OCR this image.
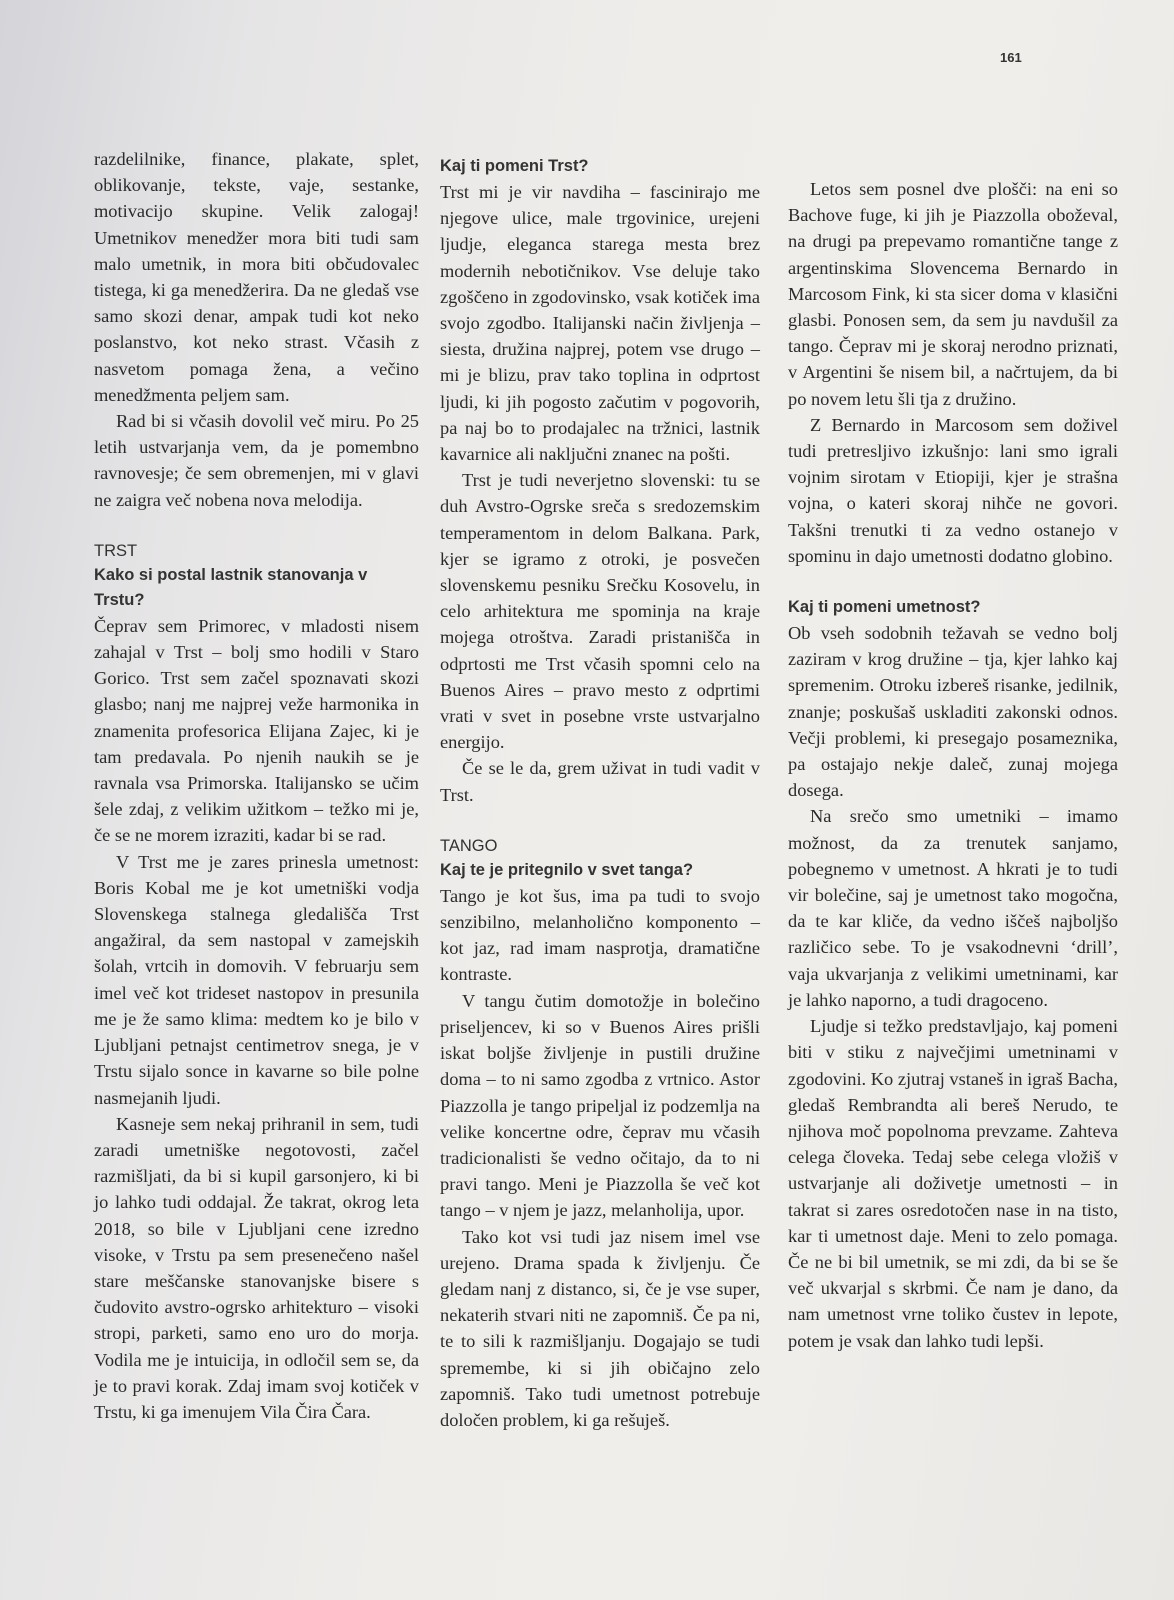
161

razdelilnike, finance, plakate, splet, oblikovanje, tekste, vaje, sestanke, motivacijo skupine. Velik zalogaj! Umetnikov menedžer mora biti tudi sam malo umetnik, in mora biti občudovalec tistega, ki ga menedžerira. Da ne gledaš vse samo skozi denar, ampak tudi kot neko poslanstvo, kot neko strast. Včasih z nasvetom pomaga žena, a večino menedžmenta peljem sam.

Rad bi si včasih dovolil več miru. Po 25 letih ustvarjanja vem, da je pomembno ravnovesje; če sem obremenjen, mi v glavi ne zaigra več nobena nova melodija.

TRST
Kako si postal lastnik stanovanja v Trstu?

Čeprav sem Primorec, v mladosti nisem zahajal v Trst – bolj smo hodili v Staro Gorico. Trst sem začel spoznavati skozi glasbo; nanj me najprej veže harmonika in znamenita profesorica Elijana Zajec, ki je tam predavala. Po njenih naukih se je ravnala vsa Primorska. Italijansko se učim šele zdaj, z velikim užitkom – težko mi je, če se ne morem izraziti, kadar bi se rad.

V Trst me je zares prinesla umetnost: Boris Kobal me je kot umetniški vodja Slovenskega stalnega gledališča Trst angažiral, da sem nastopal v zamejskih šolah, vrtcih in domovih. V februarju sem imel več kot trideset nastopov in presunila me je že samo klima: medtem ko je bilo v Ljubljani petnajst centimetrov snega, je v Trstu sijalo sonce in kavarne so bile polne nasmejanih ljudi.

Kasneje sem nekaj prihranil in sem, tudi zaradi umetniške negotovosti, začel razmišljati, da bi si kupil garsonjero, ki bi jo lahko tudi oddajal. Že takrat, okrog leta 2018, so bile v Ljubljani cene izredno visoke, v Trstu pa sem presenečeno našel stare meščanske stanovanjske bisere s čudovito avstro-ogrsko arhitekturo – visoki stropi, parketi, samo eno uro do morja. Vodila me je intuicija, in odločil sem se, da je to pravi korak. Zdaj imam svoj kotiček v Trstu, ki ga imenujem Vila Čira Čara.

Kaj ti pomeni Trst?

Trst mi je vir navdiha – fascinirajo me njegove ulice, male trgovinice, urejeni ljudje, eleganca starega mesta brez modernih nebotičnikov. Vse deluje tako zgoščeno in zgodovinsko, vsak kotiček ima svojo zgodbo. Italijanski način življenja – siesta, družina najprej, potem vse drugo – mi je blizu, prav tako toplina in odprtost ljudi, ki jih pogosto začutim v pogovorih, pa naj bo to prodajalec na tržnici, lastnik kavarnice ali naključni znanec na pošti.

Trst je tudi neverjetno slovenski: tu se duh Avstro-Ogrske sreča s sredozemskim temperamentom in delom Balkana. Park, kjer se igramo z otroki, je posvečen slovenskemu pesniku Srečku Kosovelu, in celo arhitektura me spominja na kraje mojega otroštva. Zaradi pristanišča in odprtosti me Trst včasih spomni celo na Buenos Aires – pravo mesto z odprtimi vrati v svet in posebne vrste ustvarjalno energijo.

Če se le da, grem uživat in tudi vadit v Trst.

TANGO
Kaj te je pritegnilo v svet tanga?

Tango je kot šus, ima pa tudi to svojo senzibilno, melanholično komponento – kot jaz, rad imam nasprotja, dramatične kontraste.

V tangu čutim domotožje in bolečino priseljencev, ki so v Buenos Aires prišli iskat boljše življenje in pustili družine doma – to ni samo zgodba z vrtnico. Astor Piazzolla je tango pripeljal iz podzemlja na velike koncertne odre, čeprav mu včasih tradicionalisti še vedno očitajo, da to ni pravi tango. Meni je Piazzolla še več kot tango – v njem je jazz, melanholija, upor.

Tako kot vsi tudi jaz nisem imel vse urejeno. Drama spada k življenju. Če gledam nanj z distanco, si, če je vse super, nekaterih stvari niti ne zapomniš. Če pa ni, te to sili k razmišljanju. Dogajajo se tudi spremembe, ki si jih običajno zelo zapomniš. Tako tudi umetnost potrebuje določen problem, ki ga rešuješ.

Letos sem posnel dve plošči: na eni so Bachove fuge, ki jih je Piazzolla oboževal, na drugi pa prepevamo romantične tange z argentinskima Slovencema Bernardo in Marcosom Fink, ki sta sicer doma v klasični glasbi. Ponosen sem, da sem ju navdušil za tango. Čeprav mi je skoraj nerodno priznati, v Argentini še nisem bil, a načrtujem, da bi po novem letu šli tja z družino.

Z Bernardo in Marcosom sem doživel tudi pretresljivo izkušnjo: lani smo igrali vojnim sirotam v Etiopiji, kjer je strašna vojna, o kateri skoraj nihče ne govori. Takšni trenutki ti za vedno ostanejo v spominu in dajo umetnosti dodatno globino.

Kaj ti pomeni umetnost?

Ob vseh sodobnih težavah se vedno bolj zaziram v krog družine – tja, kjer lahko kaj spremenim. Otroku izbereš risanke, jedilnik, znanje; poskušaš uskladiti zakonski odnos. Večji problemi, ki presegajo posameznika, pa ostajajo nekje daleč, zunaj mojega dosega.

Na srečo smo umetniki – imamo možnost, da za trenutek sanjamo, pobegnemo v umetnost. A hkrati je to tudi vir bolečine, saj je umetnost tako mogočna, da te kar kliče, da vedno iščeš najboljšo različico sebe. To je vsakodnevni ‘drill’, vaja ukvarjanja z velikimi umetninami, kar je lahko naporno, a tudi dragoceno.

Ljudje si težko predstavljajo, kaj pomeni biti v stiku z največjimi umetninami v zgodovini. Ko zjutraj vstaneš in igraš Bacha, gledaš Rembrandta ali bereš Nerudo, te njihova moč popolnoma prevzame. Zahteva celega človeka. Tedaj sebe celega vložiš v ustvarjanje ali doživetje umetnosti – in takrat si zares osredotočen nase in na tisto, kar ti umetnost daje. Meni to zelo pomaga. Če ne bi bil umetnik, se mi zdi, da bi se še več ukvarjal s skrbmi. Če nam je dano, da nam umetnost vrne toliko čustev in lepote, potem je vsak dan lahko tudi lepši.
